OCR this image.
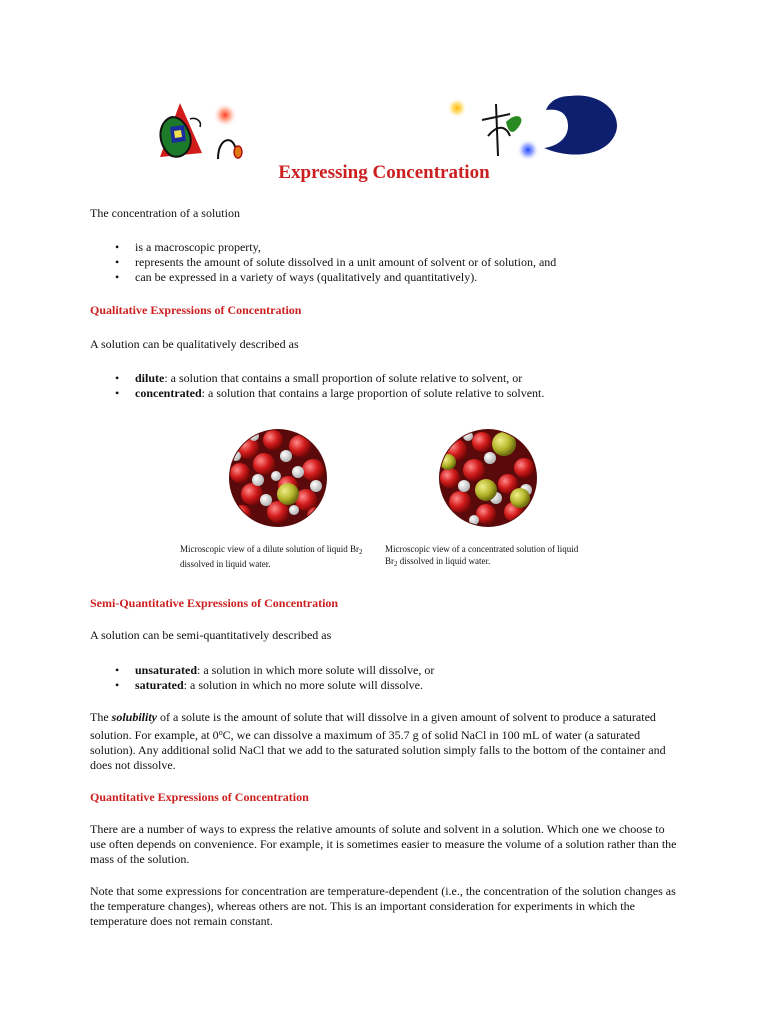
Expressing Concentration

The concentration of a solution

• is a macroscopic property,
• represents the amount of solute dissolved in a unit amount of solvent or of solution, and
• can be expressed in a variety of ways (qualitatively and quantitatively).

Qualitative Expressions of Concentration

A solution can be qualitatively described as

• dilute: a solution that contains a small proportion of solute relative to solvent, or
• concentrated: a solution that contains a large proportion of solute relative to solvent.

Microscopic view of a dilute solution of liquid $Br_2$ dissolved in liquid water.

Microscopic view of a concentrated solution of liquid $Br_2$ dissolved in liquid water.

Semi-Quantitative Expressions of Concentration

A solution can be semi-quantitatively described as

• unsaturated: a solution in which more solute will dissolve, or
• saturated: a solution in which no more solute will dissolve.

The solubility of a solute is the amount of solute that will dissolve in a given amount of solvent to produce a saturated solution. For example, at 0$^o$C, we can dissolve a maximum of 35.7 g of solid NaCl in 100 mL of water (a saturated solution). Any additional solid NaCl that we add to the saturated solution simply falls to the bottom of the container and does not dissolve.

Quantitative Expressions of Concentration

There are a number of ways to express the relative amounts of solute and solvent in a solution. Which one we choose to use often depends on convenience. For example, it is sometimes easier to measure the volume of a solution rather than the mass of the solution.

Note that some expressions for concentration are temperature-dependent (i.e., the concentration of the solution changes as the temperature changes), whereas others are not. This is an important consideration for experiments in which the temperature does not remain constant.
